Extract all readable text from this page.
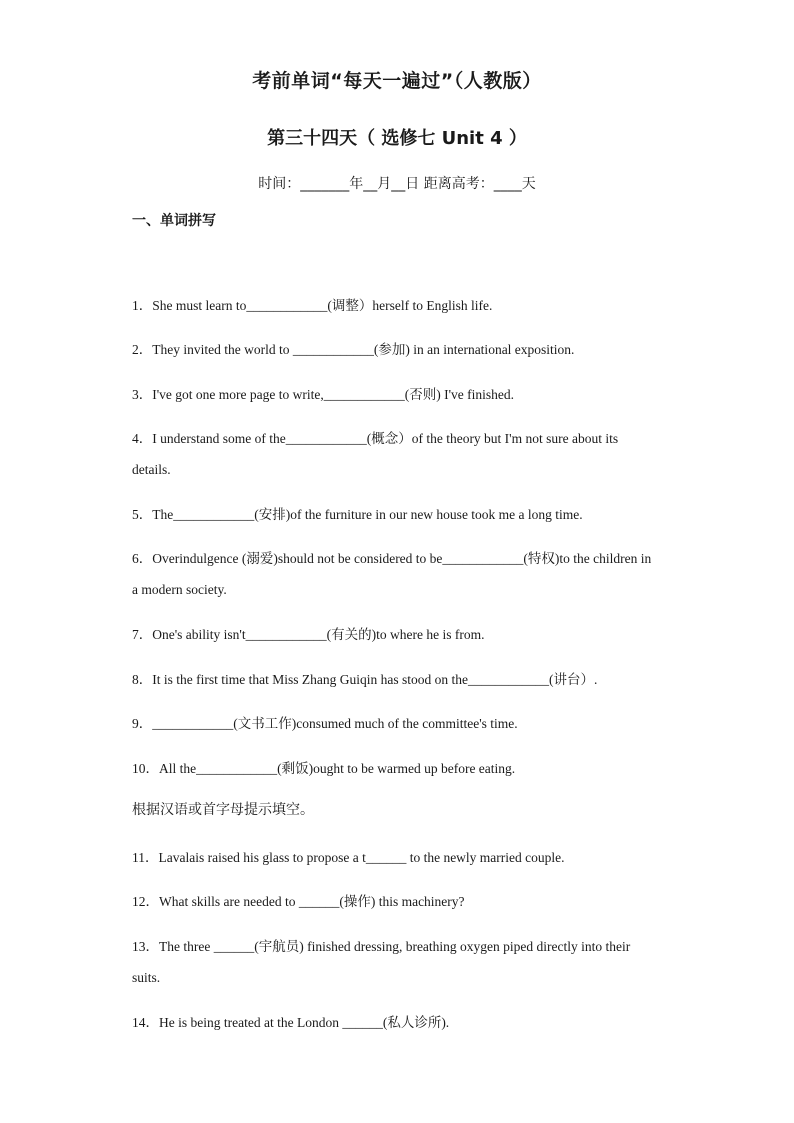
考前单词“每天一遍过”（人教版）
第三十四天（ 选修七 Unit 4 ）
时间：_______年__月__日 距离高考：____天
一、单词拼写
1．She must learn to____________(调整）herself to English life.
2．They invited the world to ____________(参加) in an international exposition.
3．I've got one more page to write,____________(否则) I've finished.
4．I understand some of the____________(概念）of the theory but I'm not sure about its details.
5．The____________(安排)of the furniture in our new house took me a long time.
6．Overindulgence (溺爱)should not be considered to be____________(特权)to the children in a modern society.
7．One's ability isn't____________(有关的)to where he is from.
8．It is the first time that Miss Zhang Guiqin has stood on the____________(讲台）.
9．____________(文书工作)consumed much of the committee's time.
10．All the____________(剩饭)ought to be warmed up before eating.
根据汉语或首字母提示填空。
11．Lavalais raised his glass to propose a t______ to the newly married couple.
12．What skills are needed to ______(操作) this machinery?
13．The three ______(宇航员) finished dressing, breathing oxygen piped directly into their suits.
14．He is being treated at the London ______(私人诊所).
